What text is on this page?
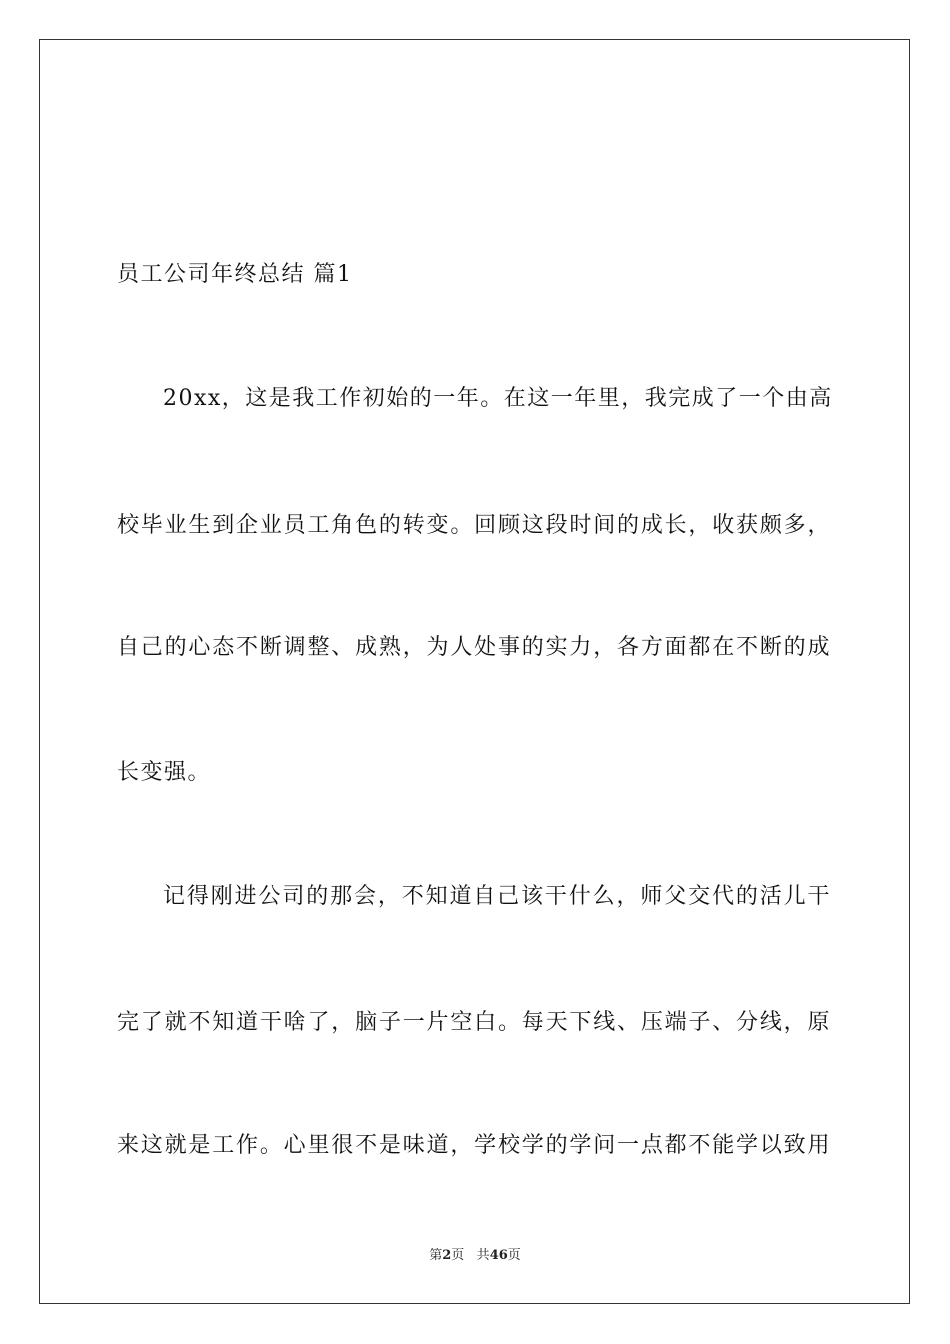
员工公司年终总结 篇1
20xx，这是我工作初始的一年。在这一年里，我完成了一个由高
校毕业生到企业员工角色的转变。回顾这段时间的成长，收获颇多，
自己的心态不断调整、成熟，为人处事的实力，各方面都在不断的成
长变强。
记得刚进公司的那会，不知道自己该干什么，师父交代的活儿干
完了就不知道干啥了，脑子一片空白。每天下线、压端子、分线，原
来这就是工作。心里很不是味道，学校学的学问一点都不能学以致用
第2页 共46页
